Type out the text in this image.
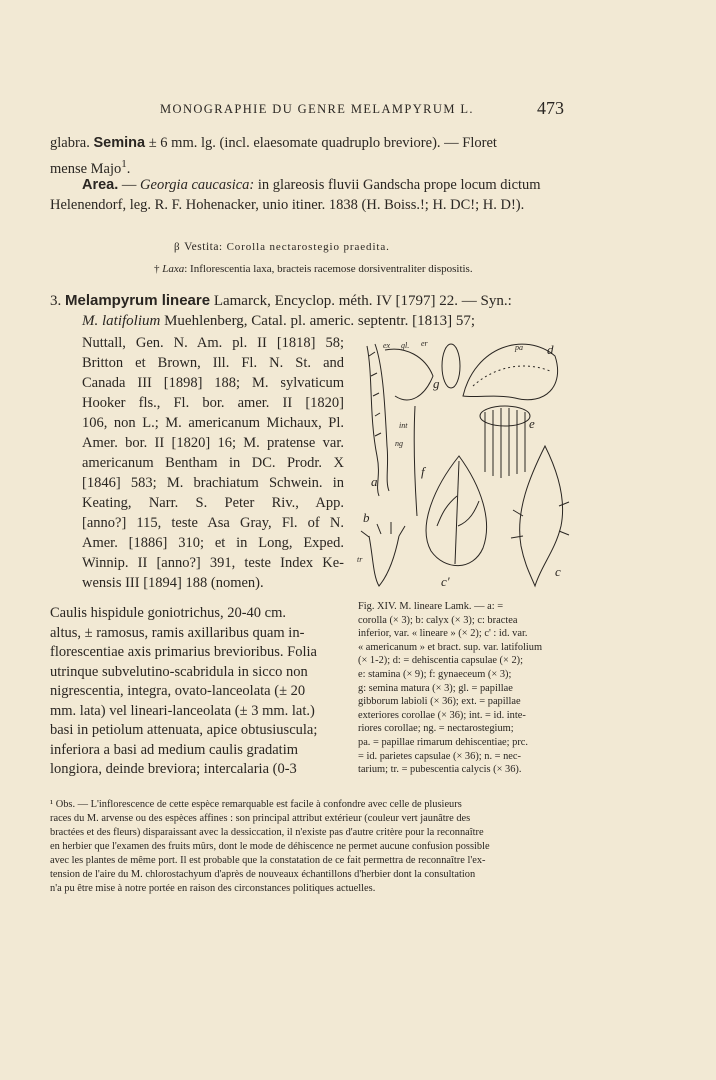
MONOGRAPHIE DU GENRE MELAMPYRUM L.	473
glabra. Semina ± 6 mm. lg. (incl. elaesomate quadruplo breviore). — Floret
mense Majo$^1$.
Area. — Georgia caucasica: in glareosis fluvii Gandscha prope locum dictum
Helenendorf, leg. R. F. Hohenacker, unio itiner. 1838 (H. Boiss.!; H. DC!; H. D!).
β Vestita: Corolla nectarostegio praedita.
† Laxa: Inflorescentia laxa, bracteis racemose dorsiventraliter dispositis.
3. Melampyrum lineare Lamarck, Encyclop. méth. IV [1797] 22. — Syn.:
M. latifolium Muehlenberg, Catal. pl. americ. septentr. [1813] 57;
Nuttall, Gen. N. Am. pl. II [1818] 58;
Britton et Brown, Ill. Fl. N. St. and
Canada III [1898] 188; M. sylvaticum
Hooker fls., Fl. bor. amer. II [1820]
106, non L.; M. americanum Michaux, Pl.
Amer. bor. II [1820] 16; M. pratense var.
americanum Bentham in DC. Prodr. X
[1846] 583; M. brachiatum Schwein. in
Keating, Narr. S. Peter Riv., App.
[anno?] 115, teste Asa Gray, Fl. of N.
Amer. [1886] 310; et in Long, Exped.
Winnip. II [anno?] 391, teste Index Ke-
wensis III [1894] 188 (nomen).
a
b
c
c'
d
e
f
g
gl. er
int
ng
pa
ex
tr
Caulis hispidule goniotrichus, 20-40 cm.
altus, ± ramosus, ramis axillaribus quam in-
florescentiae axis primarius brevioribus. Folia
utrinque subvelutino-scabridula in sicco non
nigrescentia, integra, ovato-lanceolata (± 20
mm. lata) vel lineari-lanceolata (± 3 mm. lat.)
basi in petiolum attenuata, apice obtusiuscula;
inferiora a basi ad medium caulis gradatim
longiora, deinde breviora; intercalaria (0-3
Fig. XIV. M. lineare Lamk. — a: =
corolla (× 3); b: calyx (× 3); c: bractea
inferior, var. « lineare » (× 2); c' : id. var.
« americanum » et bract. sup. var. latifolium
(× 1-2); d: = dehiscentia capsulae (× 2);
e: stamina (× 9); f: gynaeceum (× 3);
g: semina matura (× 3); gl. = papillae
gibborum labioli (× 36); ext. = papillae
exteriores corollae (× 36); int. = id. inte-
riores corollae; ng. = nectarostegium;
pa. = papillae rimarum dehiscentiae; prc.
= id. parietes capsulae (× 36); n. = nec-
tarium; tr. = pubescentia calycis (× 36).
¹ Obs. — L'inflorescence de cette espèce remarquable est facile à confondre avec celle de plusieurs
races du M. arvense ou des espèces affines : son principal attribut extérieur (couleur vert jaunâtre des
bractées et des fleurs) disparaissant avec la dessiccation, il n'existe pas d'autre critère pour la reconnaître
en herbier que l'examen des fruits mûrs, dont le mode de déhiscence ne permet aucune confusion possible
avec les plantes de même port. Il est probable que la constatation de ce fait permettra de reconnaître l'ex-
tension de l'aire du M. chlorostachyum d'après de nouveaux échantillons d'herbier dont la consultation
n'a pu être mise à notre portée en raison des circonstances politiques actuelles.
